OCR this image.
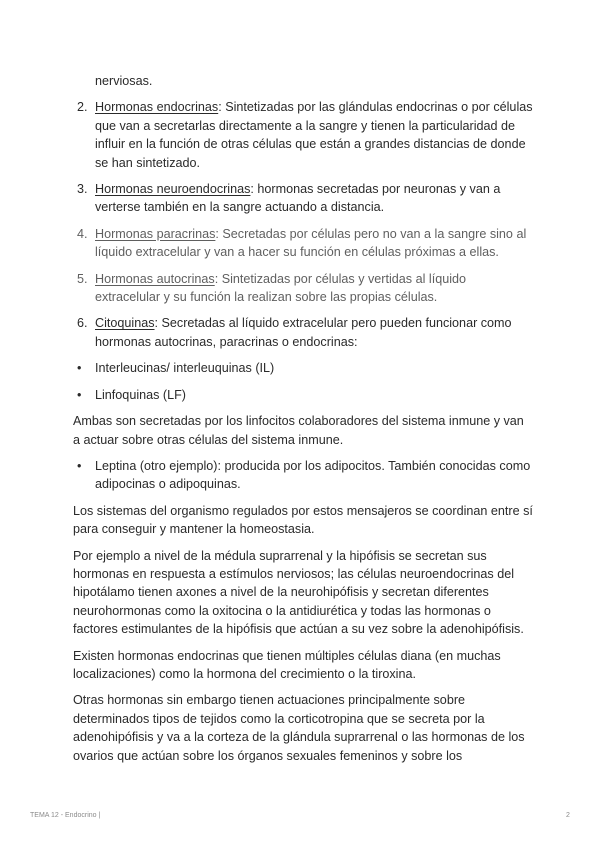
nerviosas.
2. Hormonas endocrinas: Sintetizadas por las glándulas endocrinas o por células que van a secretarlas directamente a la sangre y tienen la particularidad de influir en la función de otras células que están a grandes distancias de donde se han sintetizado.
3. Hormonas neuroendocrinas: hormonas secretadas por neuronas y van a verterse también en la sangre actuando a distancia.
4. Hormonas paracrinas: Secretadas por células pero no van a la sangre sino al líquido extracelular y van a hacer su función en células próximas a ellas.
5. Hormonas autocrinas: Sintetizadas por células y vertidas al líquido extracelular y su función la realizan sobre las propias células.
6. Citoquinas: Secretadas al líquido extracelular pero pueden funcionar como hormonas autocrinas, paracrinas o endocrinas:
• Interleucinas/ interleuquinas (IL)
• Linfoquinas (LF)

Ambas son secretadas por los linfocitos colaboradores del sistema inmune y van a actuar sobre otras células del sistema inmune.

• Leptina (otro ejemplo): producida por los adipocitos. También conocidas como adipocinas o adipoquinas.

Los sistemas del organismo regulados por estos mensajeros se coordinan entre sí para conseguir y mantener la homeostasia.

Por ejemplo a nivel de la médula suprarrenal y la hipófisis se secretan sus hormonas en respuesta a estímulos nerviosos; las células neuroendocrinas del hipotálamo tienen axones a nivel de la neurohipófisis y secretan diferentes neurohormonas como la oxitocina o la antidiurética y todas las hormonas o factores estimulantes de la hipófisis que actúan a su vez sobre la adenohipófisis.

Existen hormonas endocrinas que tienen múltiples células diana (en muchas localizaciones) como la hormona del crecimiento o la tiroxina.

Otras hormonas sin embargo tienen actuaciones principalmente sobre determinados tipos de tejidos como la corticotropina que se secreta por la adenohipófisis y va a la corteza de la glándula suprarrenal o las hormonas de los ovarios que actúan sobre los órganos sexuales femeninos y sobre los

TEMA 12 - Endocrino |	2
